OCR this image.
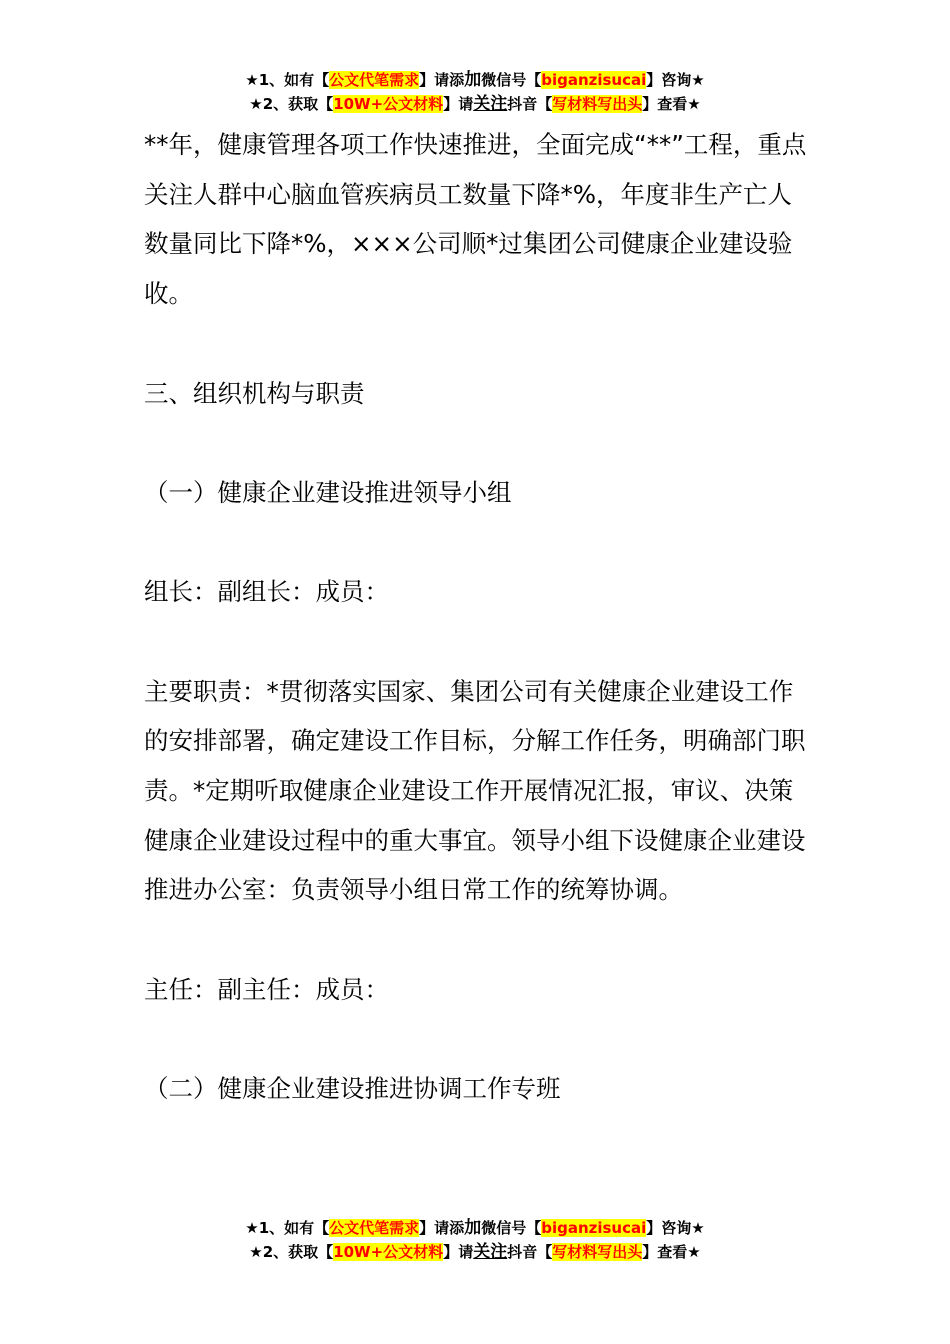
★1、如有【公文代笔需求】请添加微信号【biganzisucai】咨询★
★2、获取【10W+公文材料】请关注抖音【写材料写出头】查看★

**年，健康管理各项工作快速推进，全面完成“**”工程，重点关注人群中心脑血管疾病员工数量下降*%，年度非生产亡人数量同比下降*%，×××公司顺*过集团公司健康企业建设验收。

三、组织机构与职责

（一）健康企业建设推进领导小组

组长：副组长：成员：

主要职责：*贯彻落实国家、集团公司有关健康企业建设工作的安排部署，确定建设工作目标，分解工作任务，明确部门职责。*定期听取健康企业建设工作开展情况汇报，审议、决策健康企业建设过程中的重大事宜。领导小组下设健康企业建设推进办公室：负责领导小组日常工作的统筹协调。

主任：副主任：成员：

（二）健康企业建设推进协调工作专班

★1、如有【公文代笔需求】请添加微信号【biganzisucai】咨询★
★2、获取【10W+公文材料】请关注抖音【写材料写出头】查看★
